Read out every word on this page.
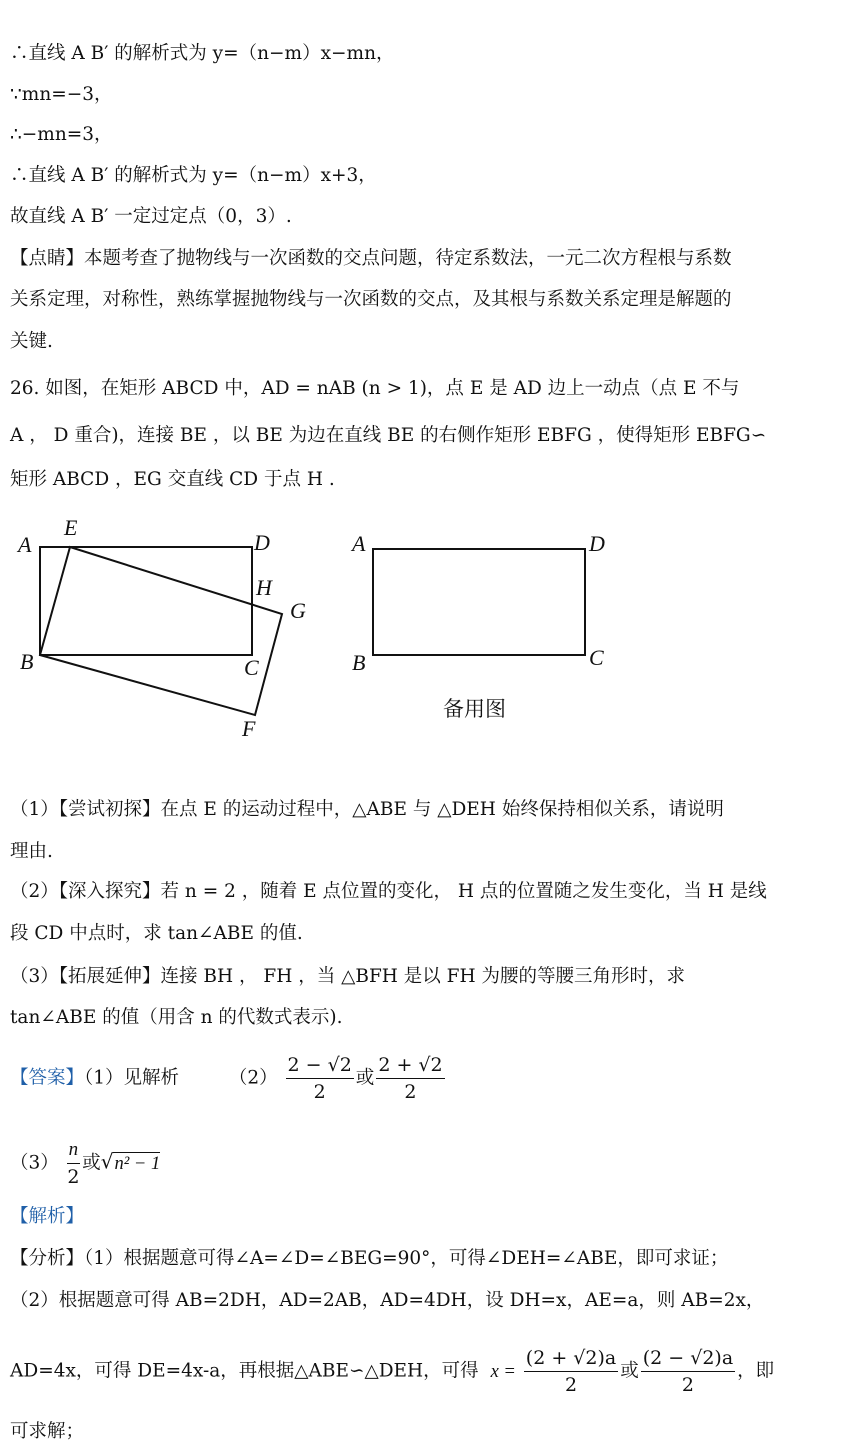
∴直线 A B′ 的解析式为 y=（n−m）x−mn，
∵mn=−3，
∴−mn=3，
∴直线 A B′ 的解析式为 y=（n−m）x+3，
故直线 A B′ 一定过定点（0，3）.
【点睛】本题考查了抛物线与一次函数的交点问题，待定系数法，一元二次方程根与系数
关系定理，对称性，熟练掌握抛物线与一次函数的交点，及其根与系数关系定理是解题的
关键.
26. 如图，在矩形 ABCD 中，AD = nAB (n > 1)，点 E 是 AD 边上一动点（点 E 不与
A ， D 重合)，连接 BE ，以 BE 为边在直线 BE 的右侧作矩形 EBFG ，使得矩形 EBFG∽
矩形 ABCD ，EG 交直线 CD 于点 H .
A
E
D
H
G
B	C
F
A	D
B	C
备用图
（1）【尝试初探】在点 E 的运动过程中，△ABE 与 △DEH 始终保持相似关系，请说明
理由.
（2）【深入探究】若 n = 2 ，随着 E 点位置的变化， H 点的位置随之发生变化，当 H 是线
段 CD 中点时，求 tan∠ABE 的值.
（3）【拓展延伸】连接 BH ， FH ，当 △BFH 是以 FH 为腰的等腰三角形时，求
tan∠ABE 的值（用含 n 的代数式表示).
【答案】（1）见解析	$(2) \frac{2 - √2}{2}$ 或 $\frac{2 + √2}{2}$
$(3) \frac{n}{2}$ 或√n² − 1
【解析】
【分析】（1）根据题意可得∠A=∠D=∠BEG=90°，可得∠DEH=∠ABE，即可求证；
（2）根据题意可得 AB=2DH，AD=2AB，AD=4DH，设 DH=x，AE=a，则 AB=2x，
AD=4x，可得 DE=4x-a，再根据△ABE∽△DEH，可得 $x = \frac{(2 + √2)a}{2}$ 或 $\frac{(2 - √2)a}{2}$ ，即
可求解；
